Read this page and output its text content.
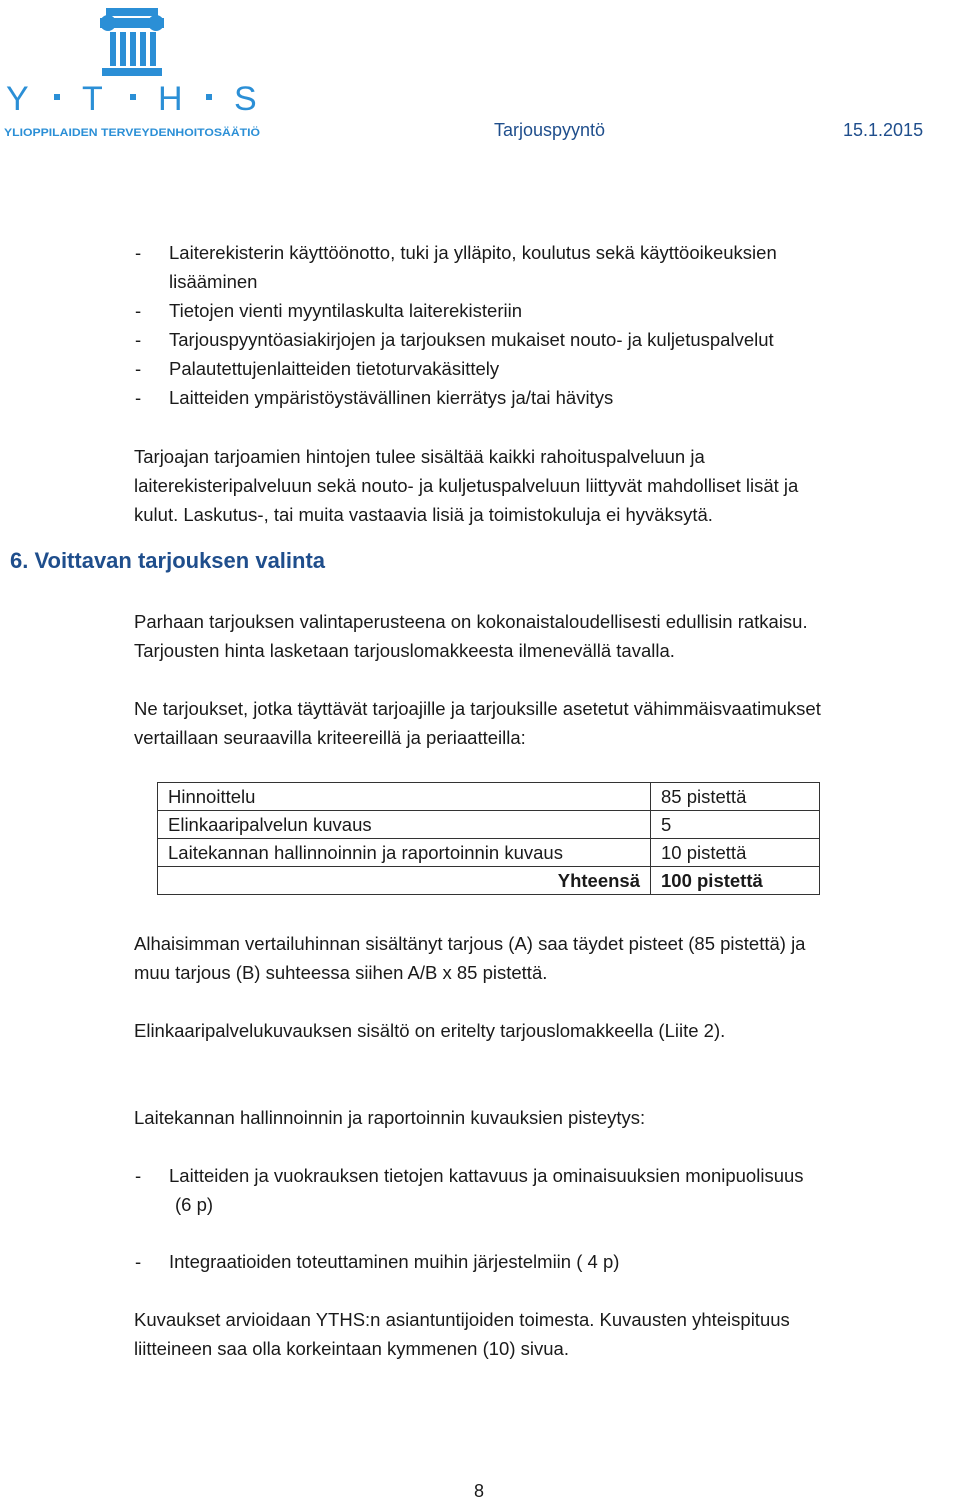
Y T H S
YLIOPPILAIDEN TERVEYDENHOITOSÄÄTIÖ	Tarjouspyyntö	15.1.2015
- Laiterekisterin käyttöönotto, tuki ja ylläpito, koulutus sekä käyttöoikeuksien
lisääminen
- Tietojen vienti myyntilaskulta laiterekisteriin
- Tarjouspyyntöasiakirjojen ja tarjouksen mukaiset nouto- ja kuljetuspalvelut
- Palautettujenlaitteiden tietoturvakäsittely
- Laitteiden ympäristöystävällinen kierrätys ja/tai hävitys
Tarjoajan tarjoamien hintojen tulee sisältää kaikki rahoituspalveluun ja
laiterekisteripalveluun sekä nouto- ja kuljetuspalveluun liittyvät mahdolliset lisät ja
kulut. Laskutus-, tai muita vastaavia lisiä ja toimistokuluja ei hyväksytä.
6. Voittavan tarjouksen valinta
Parhaan tarjouksen valintaperusteena on kokonaistaloudellisesti edullisin ratkaisu.
Tarjousten hinta lasketaan tarjouslomakkeesta ilmenevällä tavalla.
Ne tarjoukset, jotka täyttävät tarjoajille ja tarjouksille asetetut vähimmäisvaatimukset
vertaillaan seuraavilla kriteereillä ja periaatteilla:
Hinnoittelu	85 pistettä
Elinkaaripalvelun kuvaus	5
Laitekannan hallinnoinnin ja raportoinnin kuvaus	10 pistettä
Yhteensä	100 pistettä
Alhaisimman vertailuhinnan sisältänyt tarjous (A) saa täydet pisteet (85 pistettä) ja
muu tarjous (B) suhteessa siihen A/B x 85 pistettä.
Elinkaaripalvelukuvauksen sisältö on eritelty tarjouslomakkeella (Liite 2).
Laitekannan hallinnoinnin ja raportoinnin kuvauksien pisteytys:
- Laitteiden ja vuokrauksen tietojen kattavuus ja ominaisuuksien monipuolisuus
(6 p)
- Integraatioiden toteuttaminen muihin järjestelmiin ( 4 p)
Kuvaukset arvioidaan YTHS:n asiantuntijoiden toimesta. Kuvausten yhteispituus
liitteineen saa olla korkeintaan kymmenen (10) sivua.
8
